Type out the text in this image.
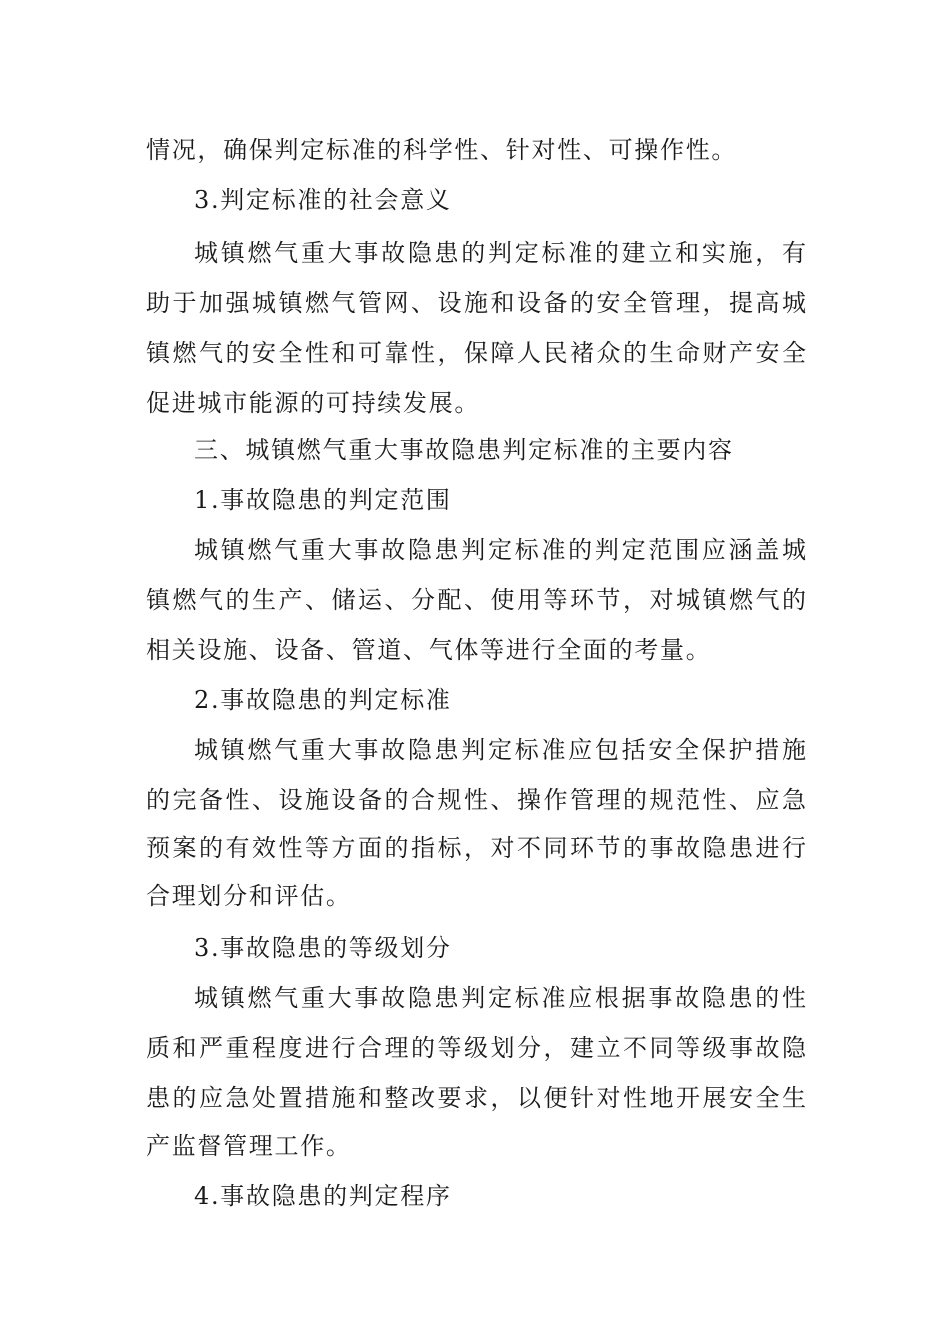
情况，确保判定标准的科学性、针对性、可操作性。
3.判定标准的社会意义
城镇燃气重大事故隐患的判定标准的建立和实施，有
助于加强城镇燃气管网、设施和设备的安全管理，提高城
镇燃气的安全性和可靠性，保障人民褚众的生命财产安全
促进城市能源的可持续发展。
三、城镇燃气重大事故隐患判定标准的主要内容
1.事故隐患的判定范围
城镇燃气重大事故隐患判定标准的判定范围应涵盖城
镇燃气的生产、储运、分配、使用等环节，对城镇燃气的
相关设施、设备、管道、气体等进行全面的考量。
2.事故隐患的判定标准
城镇燃气重大事故隐患判定标准应包括安全保护措施
的完备性、设施设备的合规性、操作管理的规范性、应急
预案的有效性等方面的指标，对不同环节的事故隐患进行
合理划分和评估。
3.事故隐患的等级划分
城镇燃气重大事故隐患判定标准应根据事故隐患的性
质和严重程度进行合理的等级划分，建立不同等级事故隐
患的应急处置措施和整改要求，以便针对性地开展安全生
产监督管理工作。
4.事故隐患的判定程序
